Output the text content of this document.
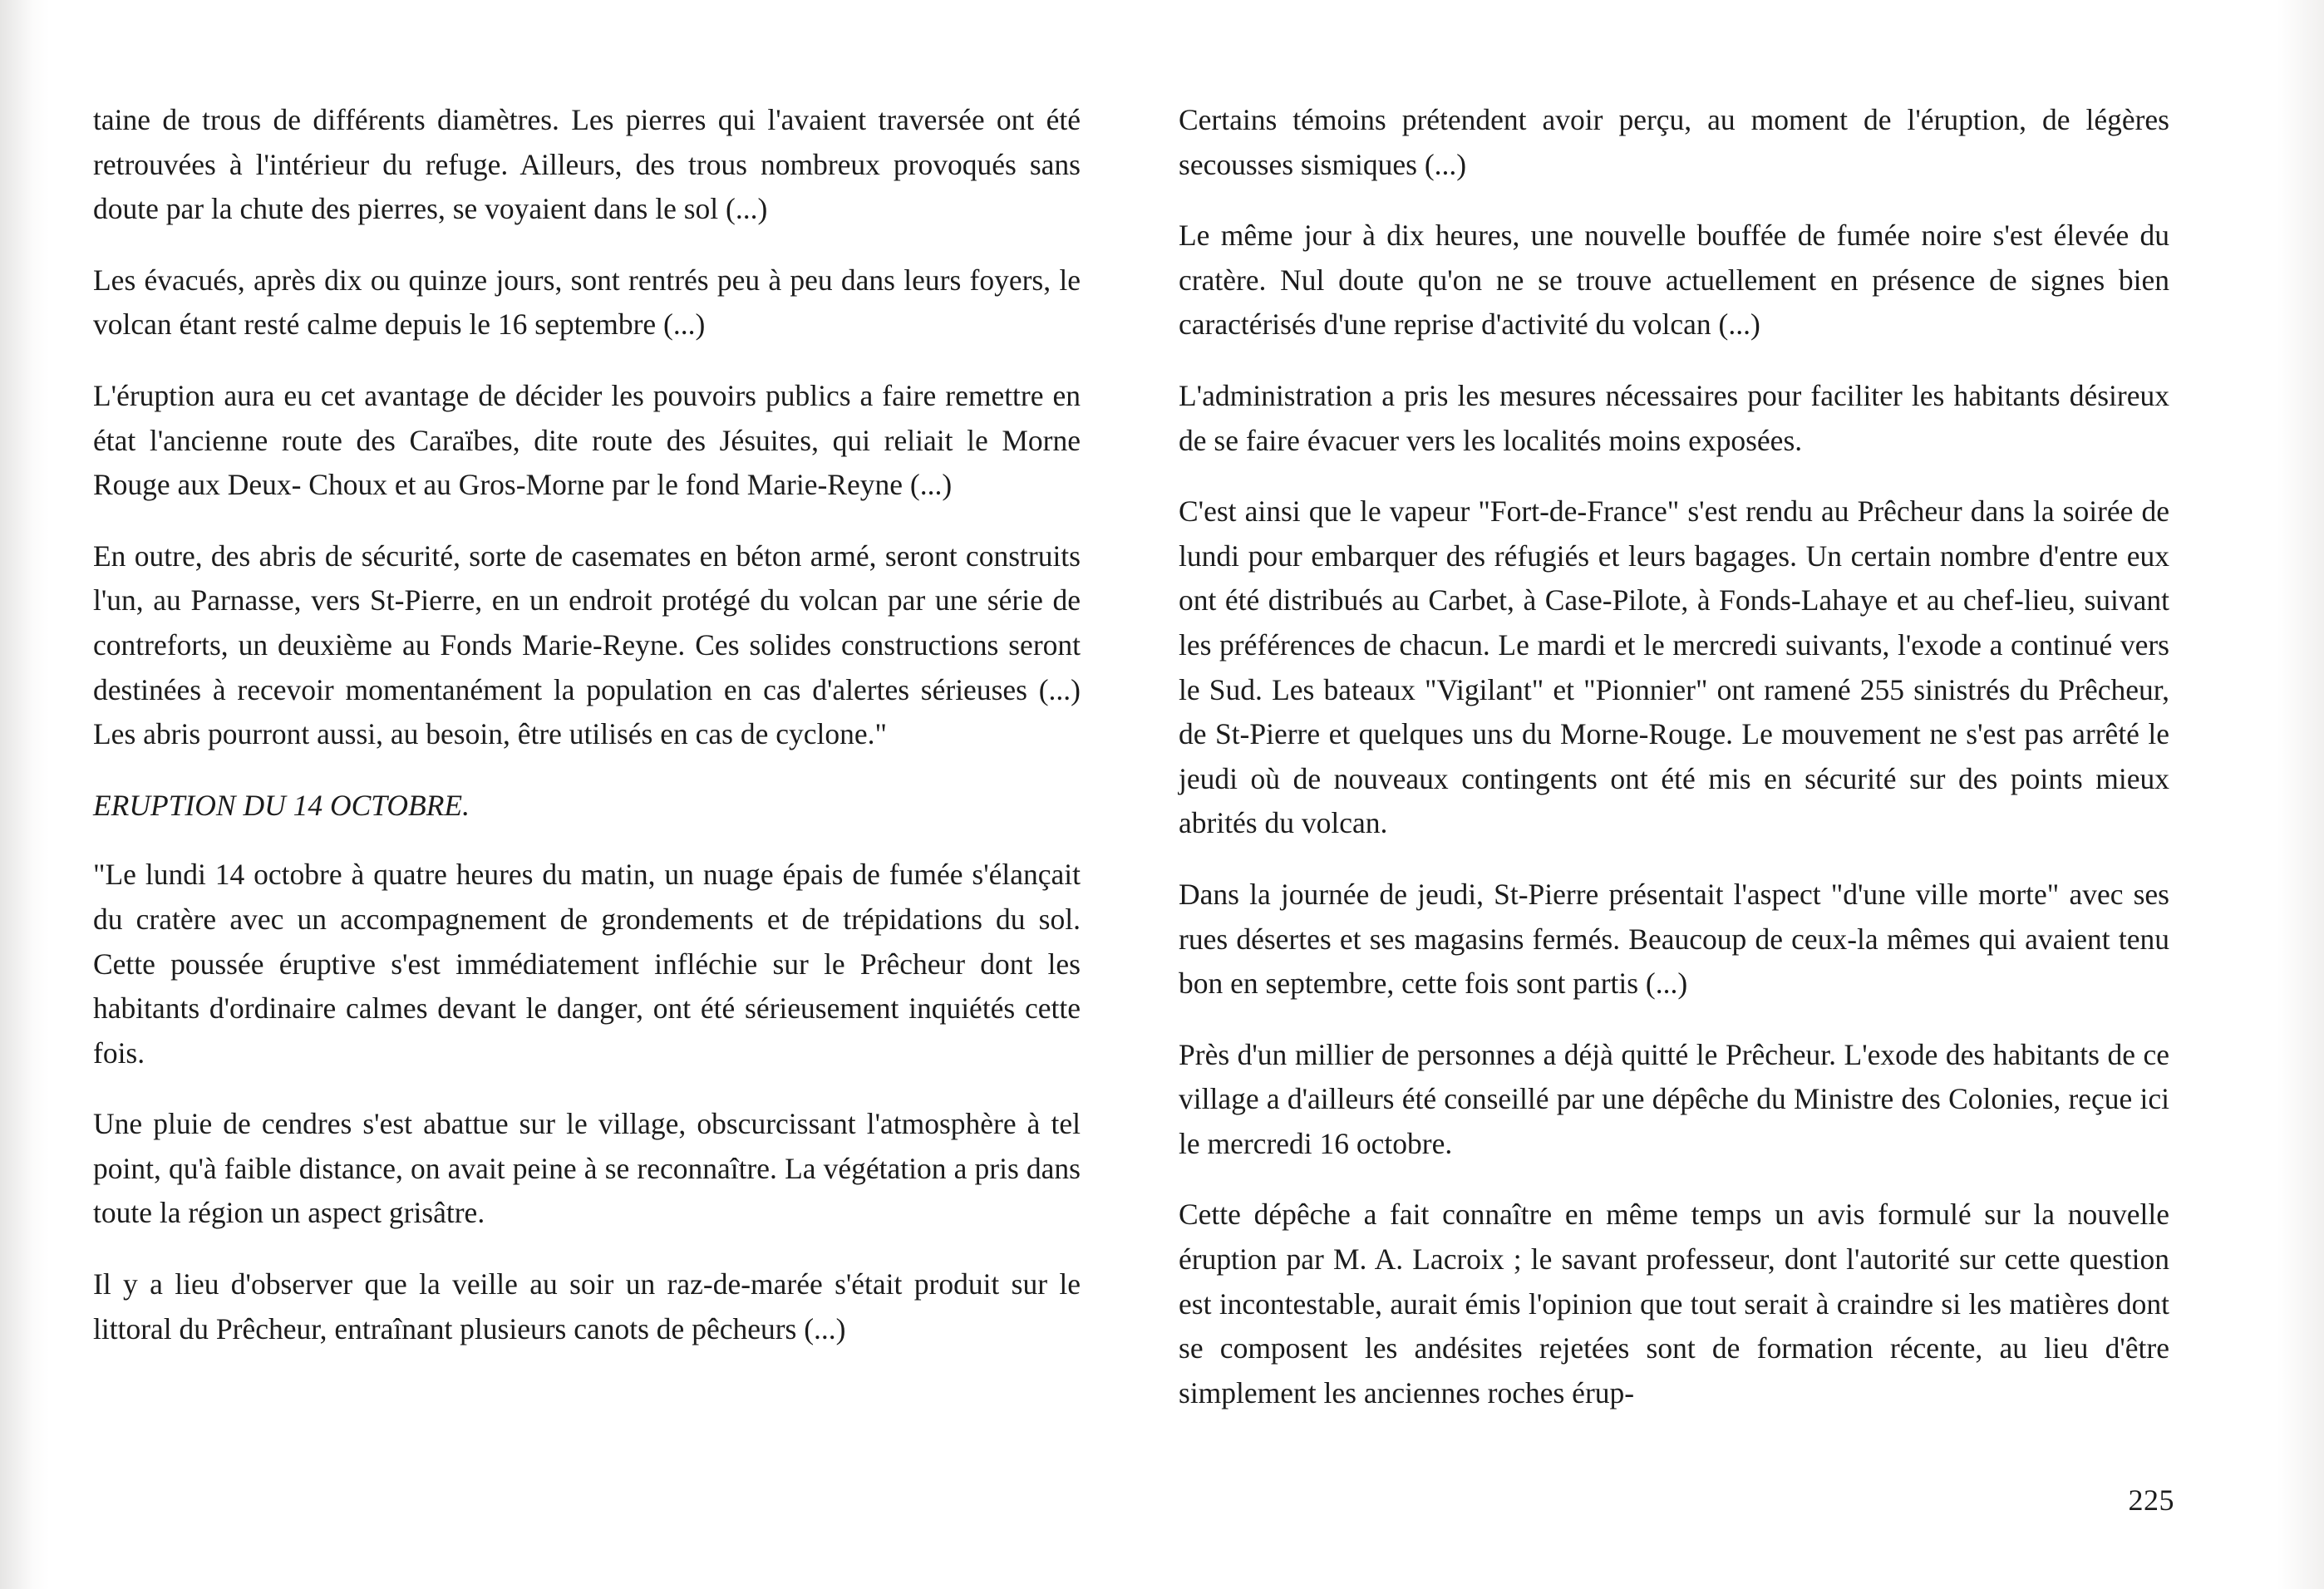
taine de trous de différents diamètres. Les pierres qui l'avaient traversée ont été retrouvées à l'intérieur du refuge. Ailleurs, des trous nombreux provoqués sans doute par la chute des pierres, se voyaient dans le sol (...)

Les évacués, après dix ou quinze jours, sont rentrés peu à peu dans leurs foyers, le volcan étant resté calme depuis le 16 septembre (...)

L'éruption aura eu cet avantage de décider les pouvoirs publics a faire remettre en état l'ancienne route des Caraïbes, dite route des Jésuites, qui reliait le Morne Rouge aux Deux- Choux et au Gros-Morne par le fond Marie-Reyne (...)

En outre, des abris de sécurité, sorte de casemates en béton armé, seront construits l'un, au Parnasse, vers St-Pierre, en un endroit protégé du volcan par une série de contreforts, un deuxième au Fonds Marie-Reyne. Ces solides constructions seront destinées à recevoir momentanément la population en cas d'alertes sérieuses (...) Les abris pourront aussi, au besoin, être utilisés en cas de cyclone."

ERUPTION DU 14 OCTOBRE.

"Le lundi 14 octobre à quatre heures du matin, un nuage épais de fumée s'élançait du cratère avec un accompagnement de grondements et de trépidations du sol. Cette poussée éruptive s'est immédiatement infléchie sur le Prêcheur dont les habitants d'ordinaire calmes devant le danger, ont été sérieusement inquiétés cette fois.

Une pluie de cendres s'est abattue sur le village, obscurcissant l'atmosphère à tel point, qu'à faible distance, on avait peine à se reconnaître. La végétation a pris dans toute la région un aspect grisâtre.

Il y a lieu d'observer que la veille au soir un raz-de-marée s'était produit sur le littoral du Prêcheur, entraînant plusieurs canots de pêcheurs (...)

Certains témoins prétendent avoir perçu, au moment de l'éruption, de légères secousses sismiques (...)

Le même jour à dix heures, une nouvelle bouffée de fumée noire s'est élevée du cratère. Nul doute qu'on ne se trouve actuellement en présence de signes bien caractérisés d'une reprise d'activité du volcan (...)

L'administration a pris les mesures nécessaires pour faciliter les habitants désireux de se faire évacuer vers les localités moins exposées.

C'est ainsi que le vapeur "Fort-de-France" s'est rendu au Prêcheur dans la soirée de lundi pour embarquer des réfugiés et leurs bagages. Un certain nombre d'entre eux ont été distribués au Carbet, à Case-Pilote, à Fonds-Lahaye et au chef-lieu, suivant les préférences de chacun. Le mardi et le mercredi suivants, l'exode a continué vers le Sud. Les bateaux "Vigilant" et "Pionnier" ont ramené 255 sinistrés du Prêcheur, de St-Pierre et quelques uns du Morne-Rouge. Le mouvement ne s'est pas arrêté le jeudi où de nouveaux contingents ont été mis en sécurité sur des points mieux abrités du volcan.

Dans la journée de jeudi, St-Pierre présentait l'aspect "d'une ville morte" avec ses rues désertes et ses magasins fermés. Beaucoup de ceux-la mêmes qui avaient tenu bon en septembre, cette fois sont partis (...)

Près d'un millier de personnes a déjà quitté le Prêcheur. L'exode des habitants de ce village a d'ailleurs été conseillé par une dépêche du Ministre des Colonies, reçue ici le mercredi 16 octobre.

Cette dépêche a fait connaître en même temps un avis formulé sur la nouvelle éruption par M. A. Lacroix ; le savant professeur, dont l'autorité sur cette question est incontestable, aurait émis l'opinion que tout serait à craindre si les matières dont se composent les andésites rejetées sont de formation récente, au lieu d'être simplement les anciennes roches érup-

225
